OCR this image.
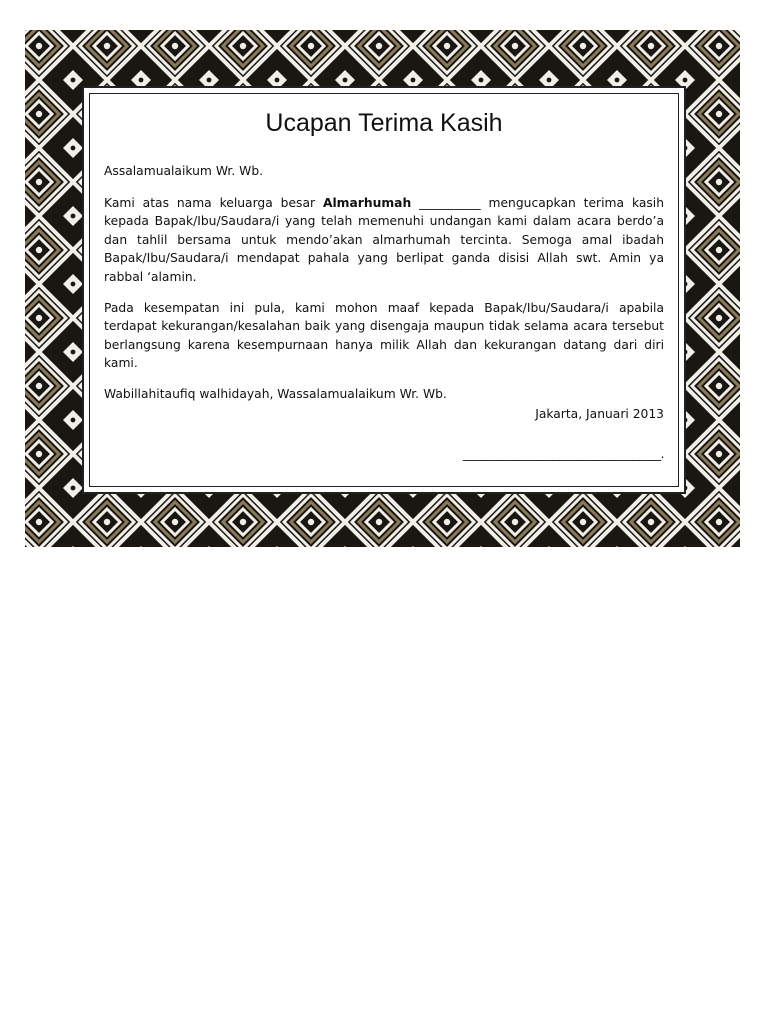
Ucapan Terima Kasih

Assalamualaikum Wr. Wb.

Kami atas nama keluarga besar Almarhumah __________ mengucapkan terima kasih kepada Bapak/Ibu/Saudara/i yang telah memenuhi undangan kami dalam acara berdo’a dan tahlil bersama untuk mendo’akan almarhumah tercinta. Semoga amal ibadah Bapak/Ibu/Saudara/i mendapat pahala yang berlipat ganda disisi Allah swt. Amin ya rabbal ‘alamin.

Pada kesempatan ini pula, kami mohon maaf kepada Bapak/Ibu/Saudara/i apabila terdapat kekurangan/kesalahan baik yang disengaja maupun tidak selama acara tersebut berlangsung karena kesempurnaan hanya milik Allah dan kekurangan datang dari diri kami.

Wabillahitaufiq walhidayah, Wassalamualaikum Wr. Wb.

Jakarta, Januari 2013
___________________________________.
